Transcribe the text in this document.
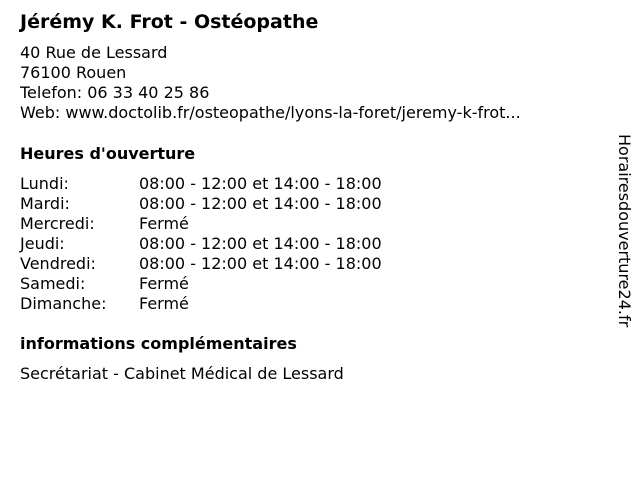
Jérémy K. Frot - Ostéopathe
40 Rue de Lessard
76100 Rouen
Telefon: 06 33 40 25 86
Web: www.doctolib.fr/osteopathe/lyons-la-foret/jeremy-k-frot...
Heures d'ouverture
Lundi:	08:00 - 12:00 et 14:00 - 18:00
Mardi:	08:00 - 12:00 et 14:00 - 18:00
Mercredi:	Fermé
Jeudi:	08:00 - 12:00 et 14:00 - 18:00
Vendredi:	08:00 - 12:00 et 14:00 - 18:00
Samedi:	Fermé
Dimanche: Fermé
informations complémentaires
Secrétariat - Cabinet Médical de Lessard
Horairesdouverture24.fr
